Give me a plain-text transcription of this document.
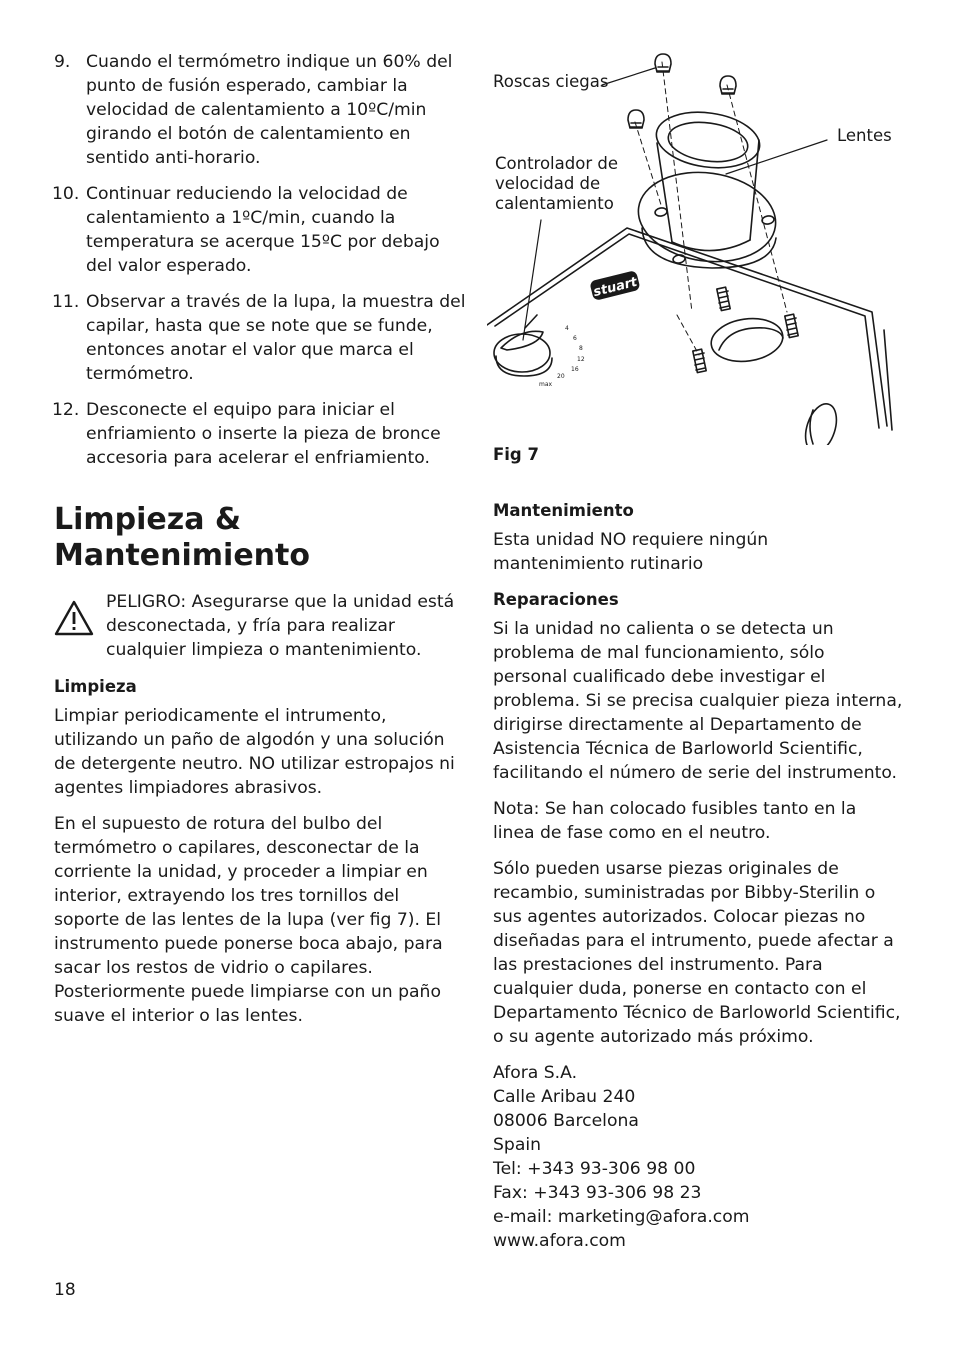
9. Cuando el termómetro indique un 60% del punto de fusión esperado, cambiar la velocidad de calentamiento a 10ºC/min girando el botón de calentamiento en sentido anti-horario.
10. Continuar reduciendo la velocidad de calentamiento a 1ºC/min, cuando la temperatura se acerque 15ºC por debajo del valor esperado.
11. Observar a través de la lupa, la muestra del capilar, hasta que se note que se funde, entonces anotar el valor que marca el termómetro.
12. Desconecte el equipo para iniciar el enfriamiento o inserte la pieza de bronce accesoria para acelerar el enfriamiento.
Limpieza & Mantenimiento

PELIGRO: Asegurarse que la unidad está desconectada, y fría para realizar cualquier limpieza o mantenimiento.

Limpieza

Limpiar periodicamente el intrumento, utilizando un paño de algodón y una solución de detergente neutro. NO utilizar estropajos ni agentes limpiadores abrasivos.

En el supuesto de rotura del bulbo del termómetro o capilares, desconectar de la corriente la unidad, y proceder a limpiar en interior, extrayendo los tres tornillos del soporte de las lentes de la lupa (ver fig 7). El instrumento puede ponerse boca abajo, para sacar los restos de vidrio o capilares. Posteriormente puede limpiarse con un paño suave el interior o las lentes.

stuart
4
6
8
12
16
20
max
Roscas ciegas
Lentes
Controlador de velocidad de calentamiento
Fig 7
Mantenimiento

Esta unidad NO requiere ningún mantenimiento rutinario

Reparaciones

Si la unidad no calienta o se detecta un problema de mal funcionamiento, sólo personal cualificado debe investigar el problema. Si se precisa cualquier pieza interna, dirigirse directamente al Departamento de Asistencia Técnica de Barloworld Scientific, facilitando el número de serie del instrumento.

Nota: Se han colocado fusibles tanto en la linea de fase como en el neutro.

Sólo pueden usarse piezas originales de recambio, suministradas por Bibby-Sterilin o sus agentes autorizados. Colocar piezas no diseñadas para el intrumento, puede afectar a las prestaciones del instrumento. Para cualquier duda, ponerse en contacto con el Departamento Técnico de Barloworld Scientific, o su agente autorizado más próximo.

Afora S.A.

Calle Aribau 240

08006 Barcelona

Spain

Tel: +343 93-306 98 00

Fax: +343 93-306 98 23

e-mail: marketing@afora.com

www.afora.com

18
